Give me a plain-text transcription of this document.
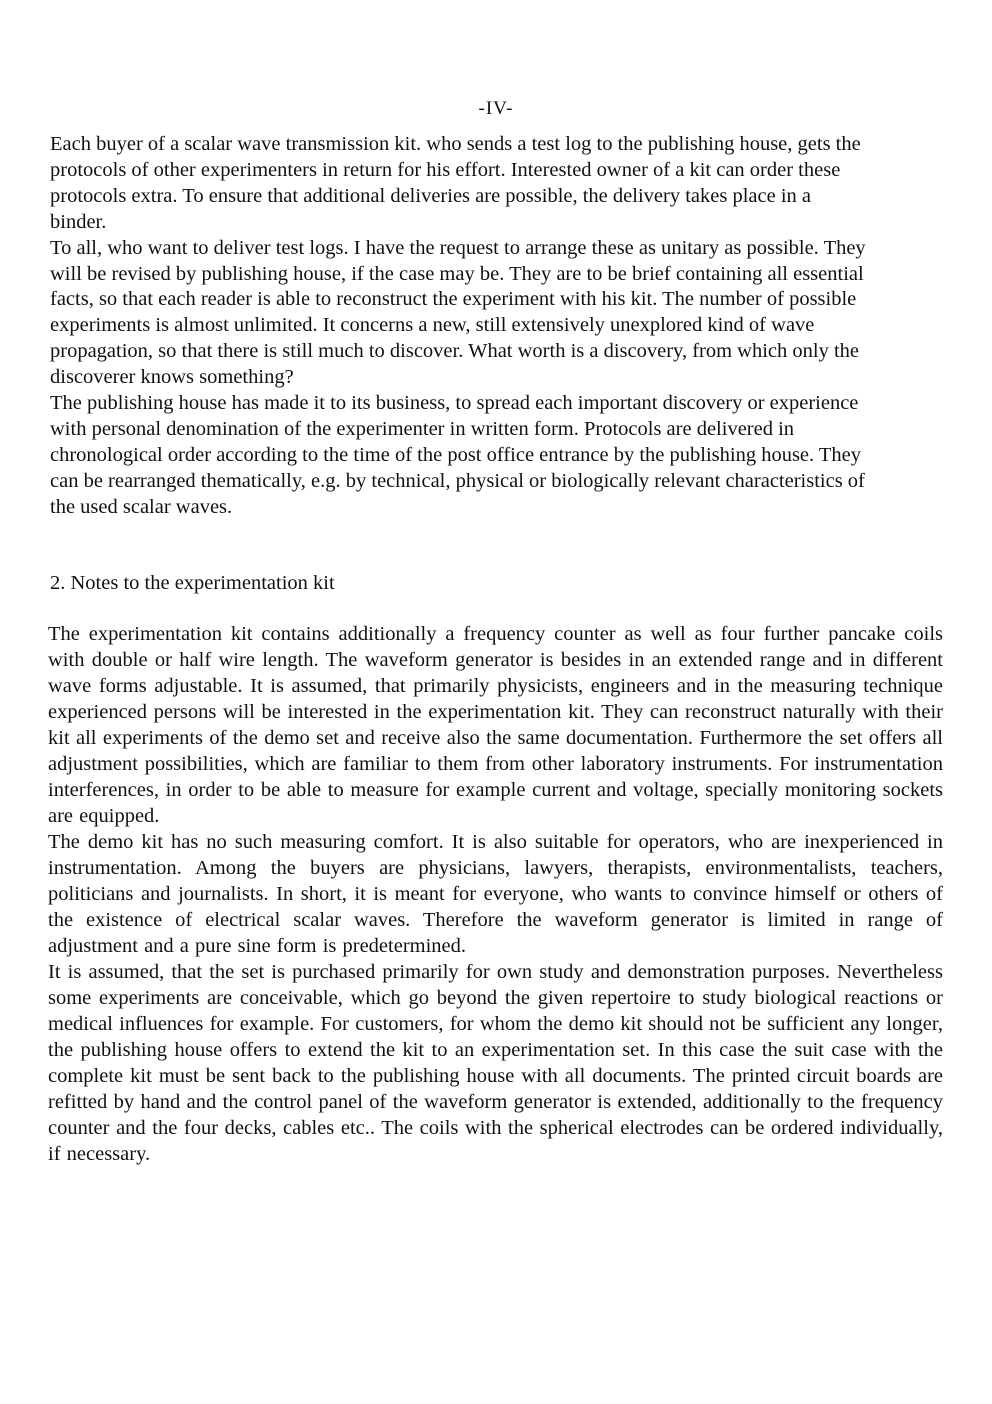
-IV-

Each buyer of a scalar wave transmission kit. who sends a test log to the publishing house, gets the protocols of other experimenters in return for his effort. Interested owner of a kit can order these protocols extra. To ensure that additional deliveries are possible, the delivery takes place in a binder.

To all, who want to deliver test logs. I have the request to arrange these as unitary as possible. They will be revised by publishing house, if the case may be. They are to be brief containing all essential facts, so that each reader is able to reconstruct the experiment with his kit. The number of possible experiments is almost unlimited. It concerns a new, still extensively unexplored kind of wave propagation, so that there is still much to discover. What worth is a discovery, from which only the discoverer knows something?

The publishing house has made it to its business, to spread each important discovery or experience with personal denomination of the experimenter in written form. Protocols are delivered in chronological order according to the time of the post office entrance by the publishing house. They can be rearranged thematically, e.g. by technical, physical or biologically relevant characteristics of the used scalar waves.

2. Notes to the experimentation kit

The experimentation kit contains additionally a frequency counter as well as four further pancake coils with double or half wire length. The waveform generator is besides in an extended range and in different wave forms adjustable. It is assumed, that primarily physicists, engineers and in the measuring technique experienced persons will be interested in the experimentation kit. They can reconstruct naturally with their kit all experiments of the demo set and receive also the same documentation. Furthermore the set offers all adjustment possibilities, which are familiar to them from other laboratory instruments. For instrumentation interferences, in order to be able to measure for example current and voltage, specially monitoring sockets are equipped.

The demo kit has no such measuring comfort. It is also suitable for operators, who are inexperienced in instrumentation. Among the buyers are physicians, lawyers, therapists, environmentalists, teachers, politicians and journalists. In short, it is meant for everyone, who wants to convince himself or others of the existence of electrical scalar waves. Therefore the waveform generator is limited in range of adjustment and a pure sine form is predetermined.

It is assumed, that the set is purchased primarily for own study and demonstration purposes. Nevertheless some experiments are conceivable, which go beyond the given repertoire to study biological reactions or medical influences for example. For customers, for whom the demo kit should not be sufficient any longer, the publishing house offers to extend the kit to an experimentation set. In this case the suit case with the complete kit must be sent back to the publishing house with all documents. The printed circuit boards are refitted by hand and the control panel of the waveform generator is extended, additionally to the frequency counter and the four decks, cables etc.. The coils with the spherical electrodes can be ordered individually, if necessary.
